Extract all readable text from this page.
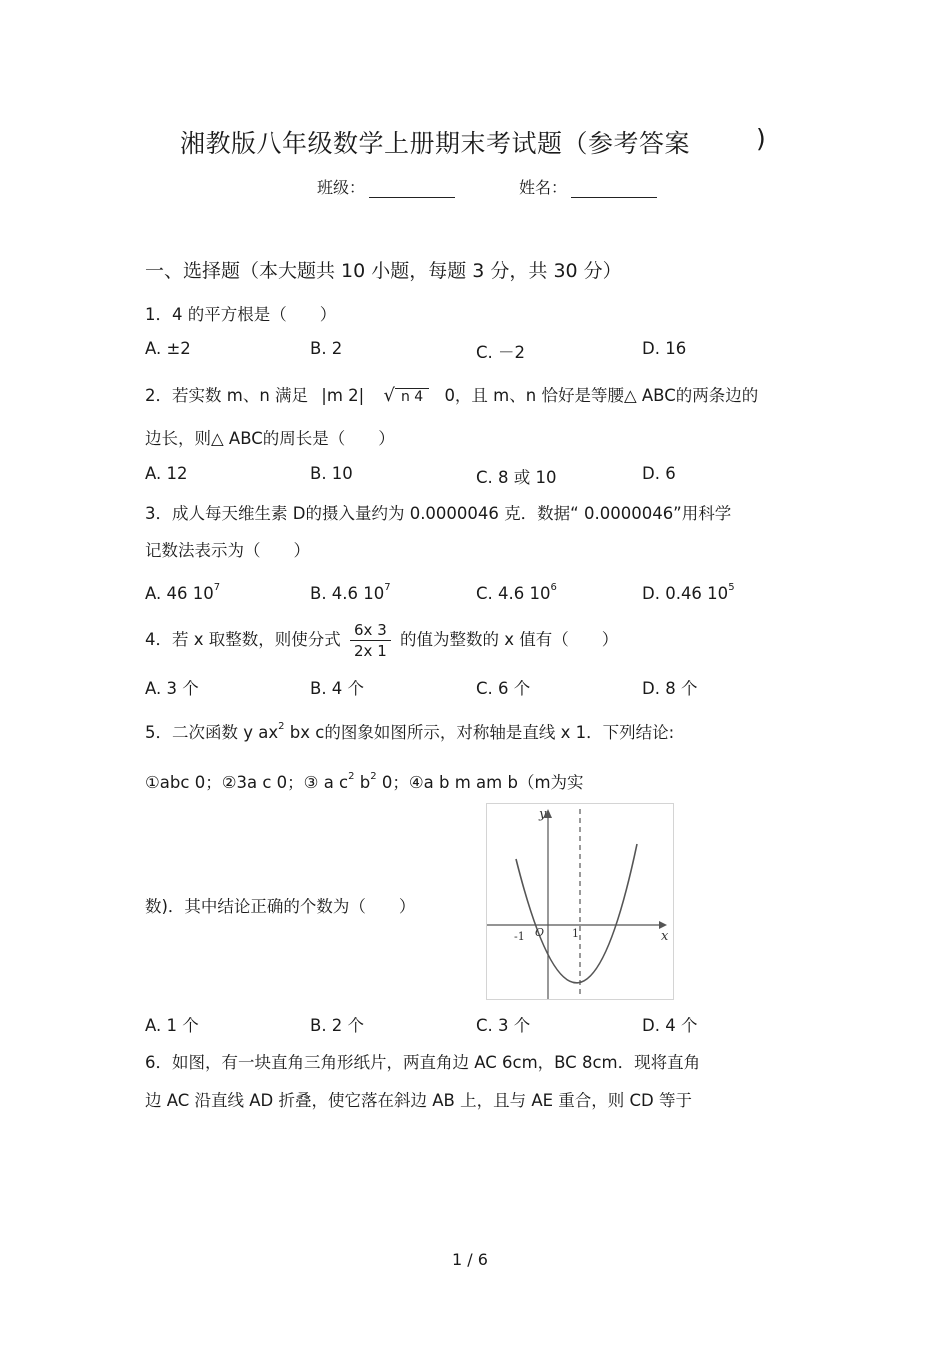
湘教版八年级数学上册期末考试题（参考答案	)
班级：	姓名：
一、选择题（本大题共 10 小题，每题 3 分，共 30 分）
1．4 的平方根是（　　）
A. ±2	B. 2	C. －2	D. 16
2．若实数 m、n 满足 |m 2| √ n 4 0，且 m、n 恰好是等腰△ ABC的两条边的
边长，则△ ABC的周长是（　　）
A. 12	B. 10	C. 8 或 10	D. 6
3．成人每天维生素 D的摄入量约为 0.0000046 克．数据“ 0.0000046”用科学
记数法表示为（　　）
A. 46 $10^7$	B. 4.6 $10^7$	C. 4.6 $10^6$	D. 0.46 $10^5$
4．若 x 取整数，则使分式 $\frac{6x 3}{2x 1}$ 的值为整数的 x 值有（　　）
A. 3 个	B. 4 个	C. 6 个	D. 8 个
5．二次函数 y $ax^2$ bx c的图象如图所示，对称轴是直线 x 1．下列结论:
①abc 0；②3a c 0；③ a $c^2$ $b^2$ 0；④a b m am b（m为实
数)．其中结论正确的个数为（　　）
y
x
O
-1	1
A. 1 个	B. 2 个	C. 3 个	D. 4 个
6．如图，有一块直角三角形纸片，两直角边 AC 6cm，BC 8cm．现将直角
边 AC 沿直线 AD 折叠，使它落在斜边 AB 上，且与 AE 重合，则 CD 等于
1 / 6
